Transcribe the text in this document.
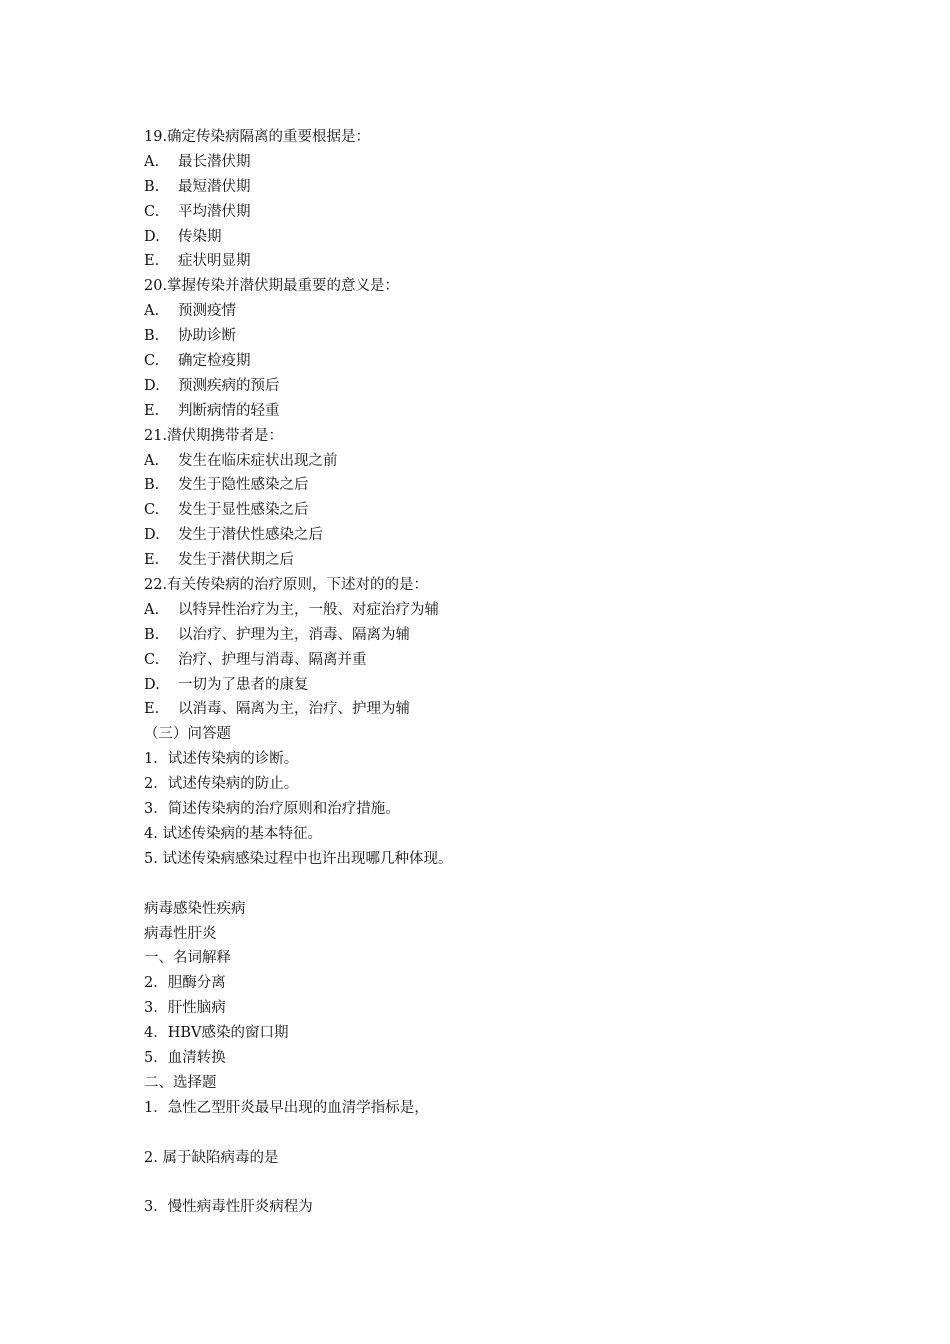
19.确定传染病隔离的重要根据是：
A. 最长潜伏期
B. 最短潜伏期
C. 平均潜伏期
D. 传染期
E. 症状明显期
20.掌握传染并潜伏期最重要的意义是：
A. 预测疫情
B. 协助诊断
C. 确定检疫期
D. 预测疾病的预后
E. 判断病情的轻重
21.潜伏期携带者是：
A. 发生在临床症状出现之前
B. 发生于隐性感染之后
C. 发生于显性感染之后
D. 发生于潜伏性感染之后
E. 发生于潜伏期之后
22.有关传染病的治疗原则，下述对的的是：
A. 以特异性治疗为主，一般、对症治疗为辅
B. 以治疗、护理为主，消毒、隔离为辅
C. 治疗、护理与消毒、隔离并重
D. 一切为了患者的康复
E. 以消毒、隔离为主，治疗、护理为辅
（三）问答题
1．试述传染病的诊断。
2．试述传染病的防止。
3．简述传染病的治疗原则和治疗措施。
4. 试述传染病的基本特征。
5. 试述传染病感染过程中也许出现哪几种体现。
病毒感染性疾病
病毒性肝炎
一、名词解释
2．胆酶分离
3．肝性脑病
4．HBV感染的窗口期
5．血清转换
二、选择题
1．急性乙型肝炎最早出现的血清学指标是，

2. 属于缺陷病毒的是

3．慢性病毒性肝炎病程为
